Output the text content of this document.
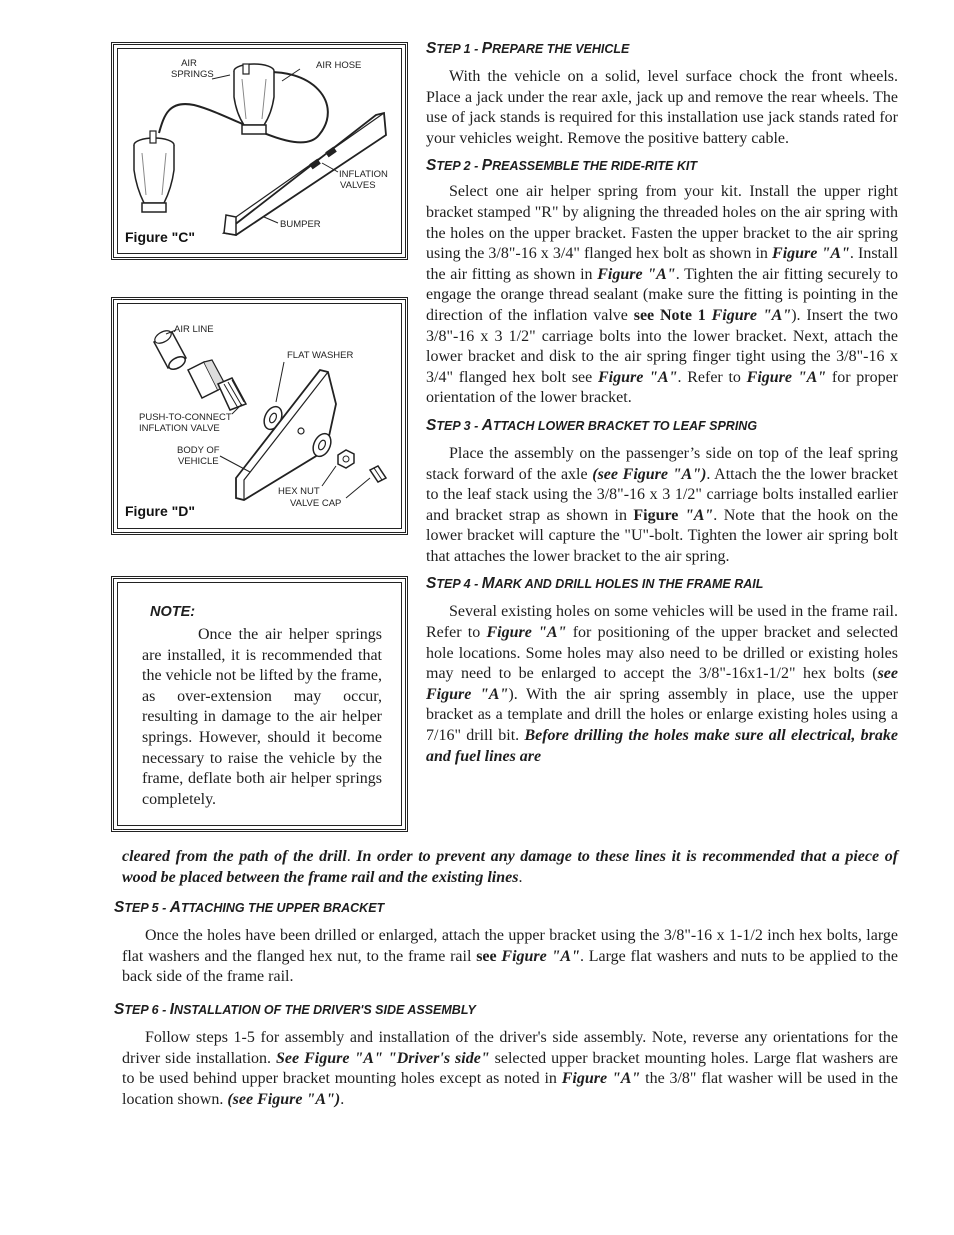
AIR
SPRINGS
AIR HOSE
INFLATION
VALVES
BUMPER
Figure "C"
AIR LINE
FLAT WASHER
PUSH-TO-CONNECT
INFLATION VALVE
BODY OF
VEHICLE
HEX NUT
VALVE CAP
Figure "D"
NOTE:
Once the air helper springs are installed, it is recommended that the vehicle not be lifted by the frame, as over-extension may occur, resulting in damage to the air helper springs. However, should it become necessary to raise the vehicle by the frame, deflate both air helper springs completely.

STEP 1 - PREPARE THE VEHICLE

With the vehicle on a solid, level surface chock the front wheels. Place a jack under the rear axle, jack up and remove the rear wheels. The use of jack stands is required for this installation use jack stands rated for your vehicles weight. Remove the positive battery cable.

STEP 2 - PREASSEMBLE THE RIDE-RITE KIT

Select one air helper spring from your kit. Install the upper right bracket stamped "R" by aligning the threaded holes on the air spring with the holes on the upper bracket. Fasten the upper bracket to the air spring using the 3/8"-16 x 3/4" flanged hex bolt as shown in Figure "A". Install the air fitting as shown in Figure "A". Tighten the air fitting securely to engage the orange thread sealant (make sure the fitting is pointing in the direction of the inflation valve see Note 1 Figure "A"). Insert the two 3/8"-16 x 3 1/2" carriage bolts into the lower bracket. Next, attach the lower bracket and disk to the air spring finger tight using the 3/8"-16 x 3/4" flanged hex bolt see Figure "A". Refer to Figure "A" for proper orientation of the lower bracket.

STEP 3 - ATTACH LOWER BRACKET TO LEAF SPRING

Place the assembly on the passenger’s side on top of the leaf spring stack forward of the axle (see Figure "A"). Attach the the lower bracket to the leaf stack using the 3/8"-16 x 3 1/2" carriage bolts installed earlier and bracket strap as shown in Figure "A". Note that the hook on the lower bracket will capture the "U"-bolt. Tighten the lower air spring bolt that attaches the lower bracket to the air spring.

STEP 4 - MARK AND DRILL HOLES IN THE FRAME RAIL

Several existing holes on some vehicles will be used in the frame rail. Refer to Figure "A" for positioning of the upper bracket and selected hole locations. Some holes may also need to be drilled or existing holes may need to be enlarged to accept the 3/8"-16x1-1/2" hex bolts (see Figure "A"). With the air spring assembly in place, use the upper bracket as a template and drill the holes or enlarge existing holes using a 7/16" drill bit. Before drilling the holes make sure all electrical, brake and fuel lines are

cleared from the path of the drill. In order to prevent any damage to these lines it is recommended that a piece of wood be placed between the frame rail and the existing lines.

STEP 5 - ATTACHING THE UPPER BRACKET

Once the holes have been drilled or enlarged, attach the upper bracket using the 3/8"-16 x 1-1/2 inch hex bolts, large flat washers and the flanged hex nut, to the frame rail see Figure "A". Large flat washers and nuts to be applied to the back side of the frame rail.

STEP 6 - INSTALLATION OF THE DRIVER'S SIDE ASSEMBLY

Follow steps 1-5 for assembly and installation of the driver's side assembly. Note, reverse any orientations for the driver side installation. See Figure "A" "Driver's side" selected upper bracket mounting holes. Large flat washers are to be used behind upper bracket mounting holes except as noted in Figure "A" the 3/8" flat washer will be used in the location shown. (see Figure "A").
